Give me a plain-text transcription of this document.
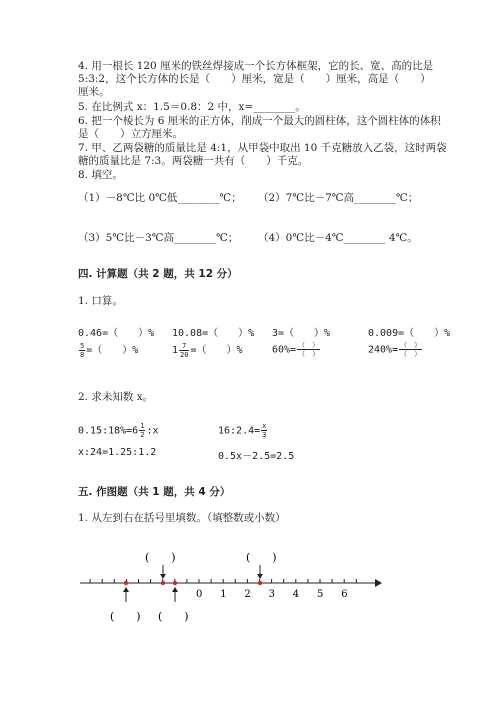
4. 用一根长 120 厘米的铁丝焊接成一个长方体框架，它的长、宽、高的比是
5:3:2，这个长方体的长是（　　）厘米，宽是（　　）厘米，高是（　　）
厘米。
5. 在比例式 x：1.5＝0.8：2 中，x=________。
6. 把一个棱长为 6 厘米的正方体，削成一个最大的圆柱体，这个圆柱体的体积
是（　　）立方厘米。
7. 甲、乙两袋糖的质量比是 4:1，从甲袋中取出 10 千克糖放入乙袋，这时两袋
糖的质量比是 7:3。两袋糖一共有（　　）千克。
8. 填空。
（1）－8℃比 0℃低________℃； （2）7℃比－7℃高________℃；
（3）5℃比－3℃高________℃； （4）0℃比－4℃________ 4℃。
四. 计算题（共 2 题，共 12 分）
1. 口算。
0.46=（　　）% 10.08=（　　）% 3=（　　）%	0.009=（　　）%
$\frac{5}{8}$ =（　　）%	$1 \frac{7}{20}$ =（　　）%	$60\%= \frac{( )}{( )}$	$240\%= \frac{( )}{( )}$
2. 求未知数 x。
0.15:18%=6 $\frac{1}{2}$ :x	16:2.4= $\frac{x}{3}$
x:24=1.25:1.2	0.5x－2.5=2.5
五. 作图题（共 1 题，共 4 分）
1. 从左到右在括号里填数。（填整数或小数）
0 1 2 3 4 5 6
(　　)	(　　)
(　　) (　　)
